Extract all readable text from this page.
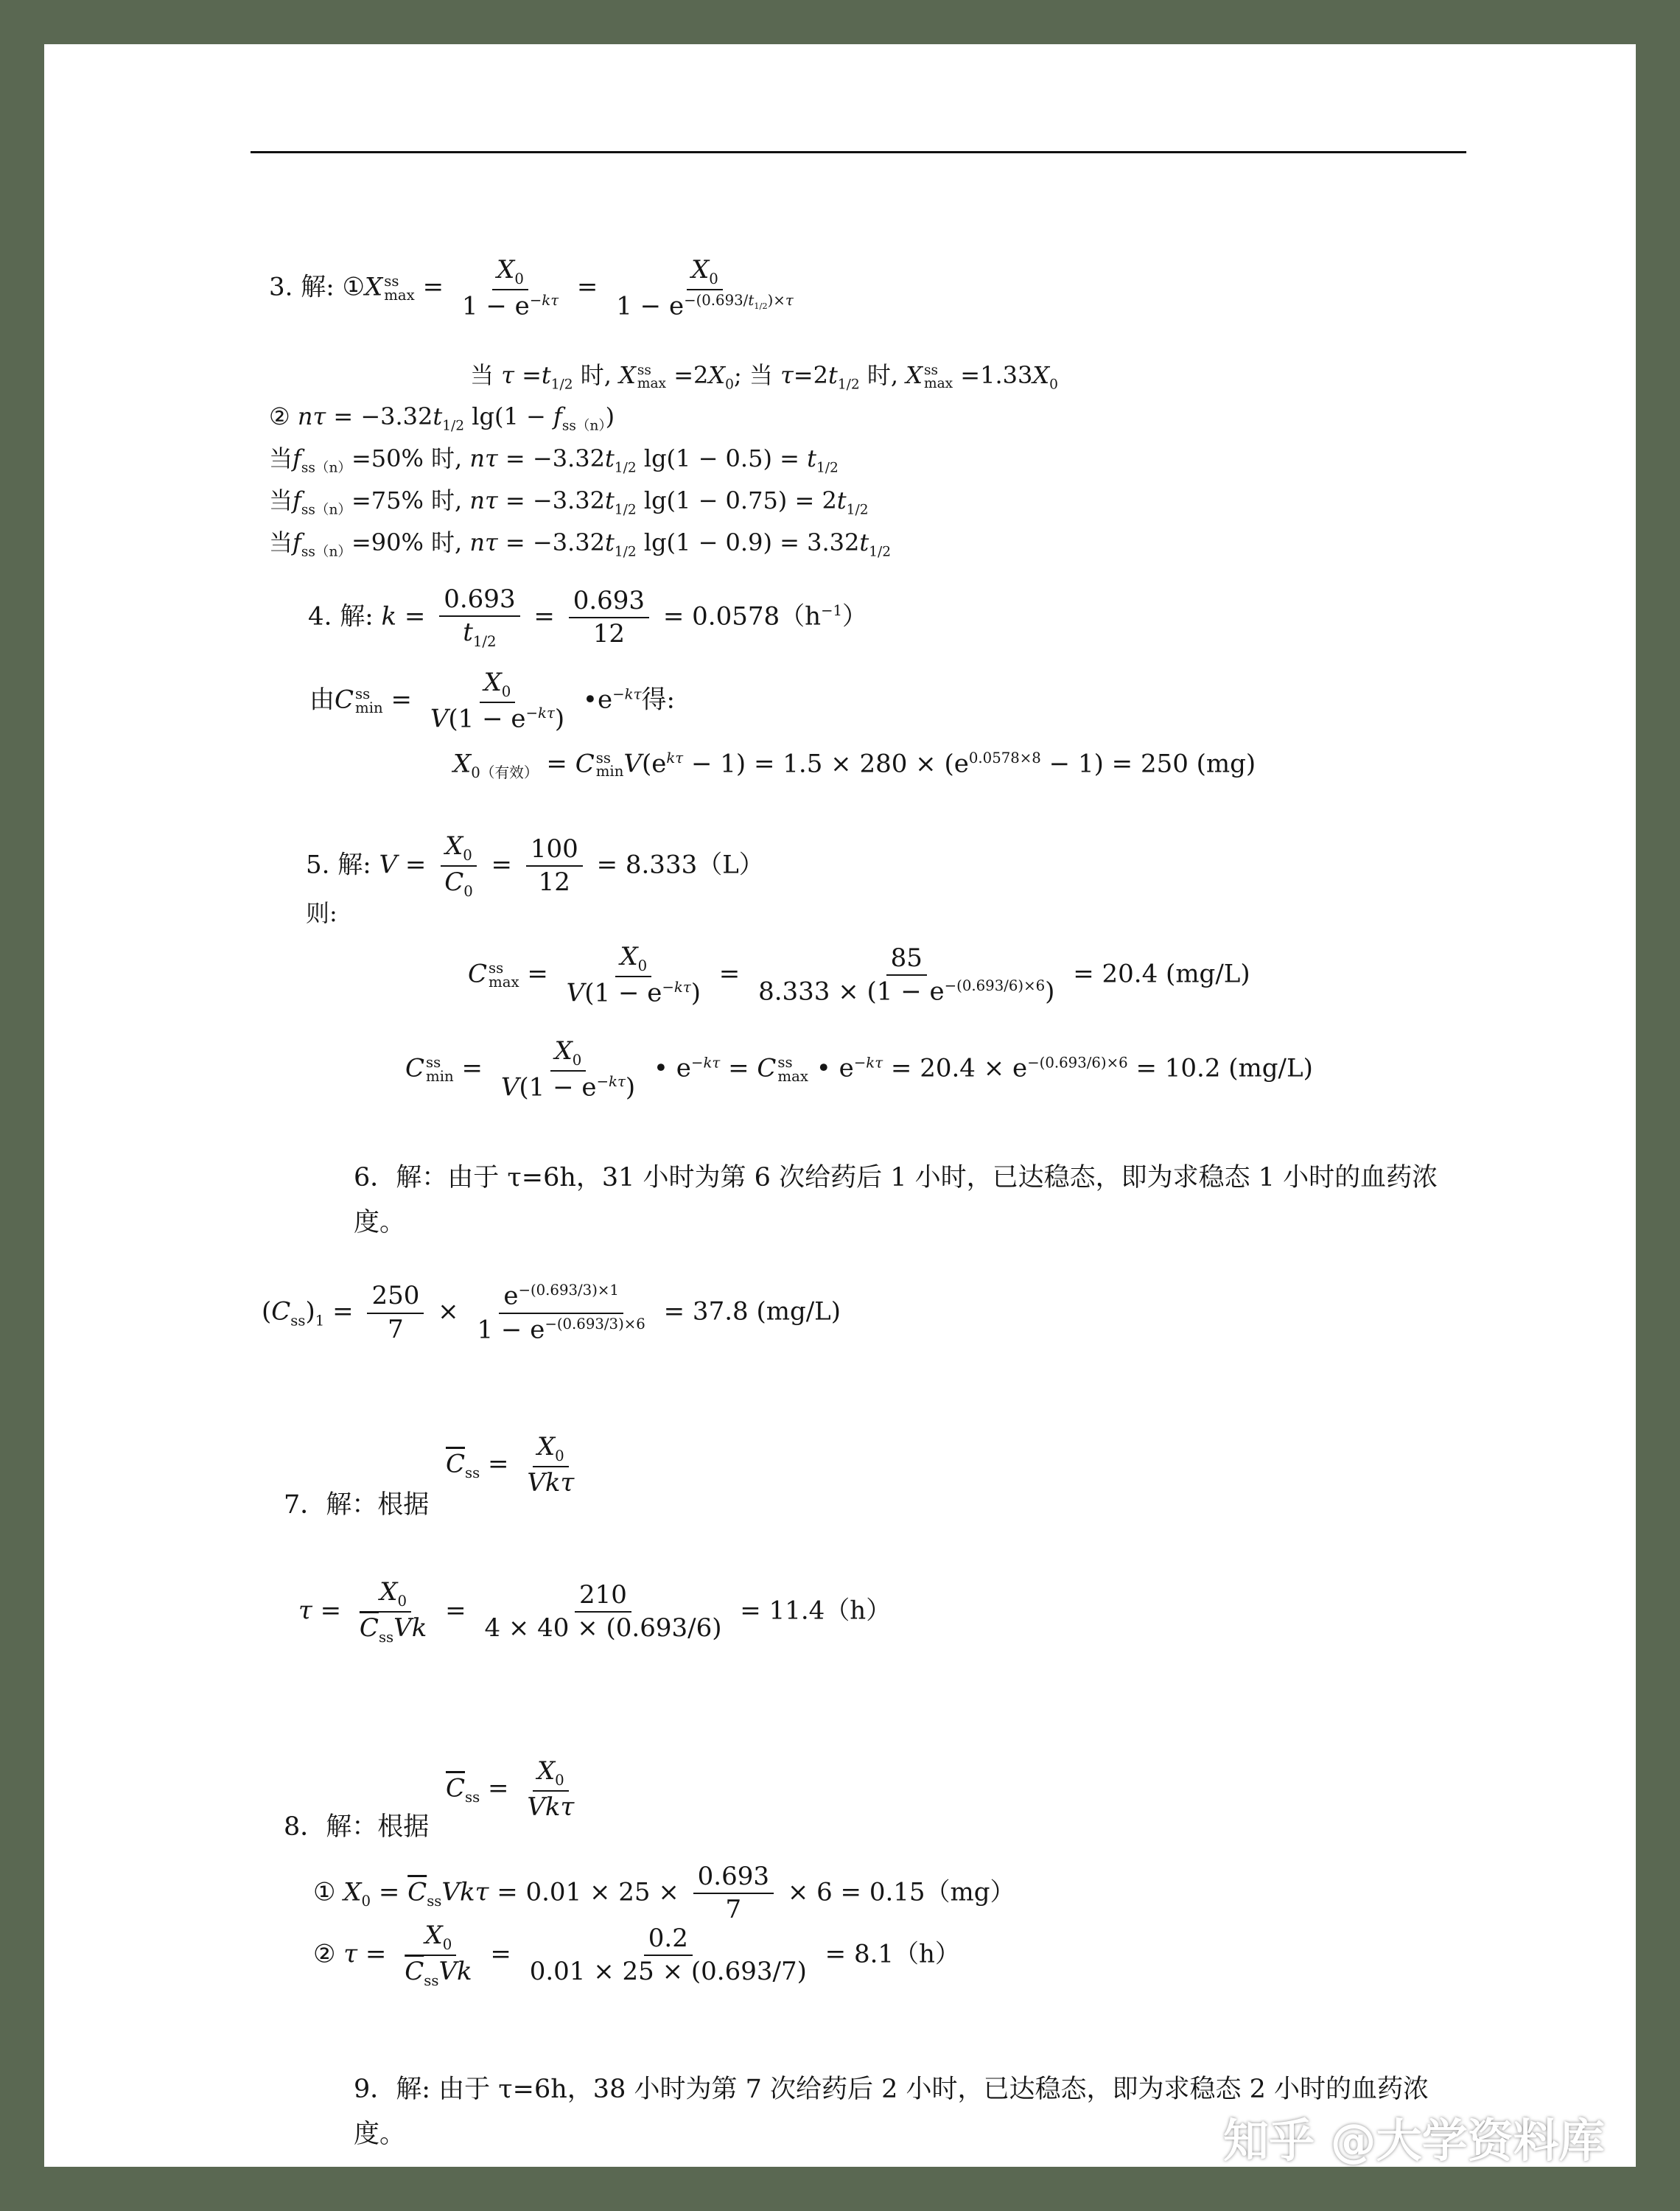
3. 解: ①X ss
$\max = \frac{X_0}{1 - e^{-k\tau}} = \frac{X_0}{1 - e^{-(0.693/t_{1/2})\times\tau}}$
当 $\tau =t_{1/2}$ 时, X ss
$\max =2X_0$; 当 $\tau=2t_{1/2}$ 时, X ss
$\max =1.33X_0$
② $n\tau = -3.32t_{1/2}$ $\lg(1 - f_{ss(n)})$
当$f_{ss(n)}=50\%$ 时, $n\tau = -3.32t_{1/2}$ $\lg(1 - 0.5) = t_{1/2}$
当$f_{ss(n)}=75\%$ 时, $n\tau = -3.32t_{1/2}$ $\lg(1 - 0.75) = 2t_{1/2}$
当$f_{ss(n)}=90\%$ 时, $n\tau = -3.32t_{1/2}$ $\lg(1 - 0.9) = 3.32t_{1/2}$
4. 解: $k = \frac{0.693}{t_{1/2}} = \frac{0.693}{12} = 0.0578(h^{-1})$
由C ss
$\min = \frac{X_0}{V(1 - e^{-k\tau})}$ $•e^{-k\tau}$得:
$X_{0(有效)} = C$ ss
$\min V(e^{k\tau} - 1) = 1.5 \times 280 \times (e^{0.0578\times 8} - 1) = 250$ (mg)
5. 解: $V = \frac{X_0}{C_0} = \frac{100}{12} = 8.333(L)$
则:
C ss
$\max = \frac{X_0}{V(1 - e^{-k\tau})} = \frac{85}{8.333 \times (1 - e^{-(0.693/6)\times 6})} = 20.4$ (mg/L)
C ss
$\min = \frac{X_0}{V(1 - e^{-k\tau})}$ • $e^{-k\tau} = C$ ss
max • $e^{-k\tau} = 20.4 \times e^{-(0.693/6)\times 6} = 10.2$ (mg/L)
6．解：由于 τ=6h，31 小时为第 6 次给药后 1 小时，已达稳态，即为求稳态 1 小时的血药浓度。
$(C_{ss})_1 = \frac{250}{7} \times \frac{e^{-(0.693/3)\times 1}}{1 - e^{-(0.693/3)\times 6}} = 37.8$ (mg/L)
$\overline{C}_{ss} = \frac{X_0}{\text{Vkτ}}$
7．解：根据
$\tau = \frac{X_0}{\overline{C}_{ss}Vk} = \frac{210}{4 \times 40 \times (0.693/6)} = 11.4(h)$
$\overline{C}_{ss} = \frac{X_0}{\text{Vkτ}}$
8．解：根据
① $X_0 = \overline{C}_{ss}Vk\tau = 0.01 \times 25 \times \frac{0.693}{7} \times 6 = 0.15(mg)$
② $\tau = \frac{X_0}{\overline{C}_{ss}Vk} = \frac{0.2}{0.01 \times 25 \times (0.693/7)} = 8.1(h)$
9．解: 由于 τ=6h，38 小时为第 7 次给药后 2 小时，已达稳态，即为求稳态 2 小时的血药浓度。	知乎 @大学资料库
